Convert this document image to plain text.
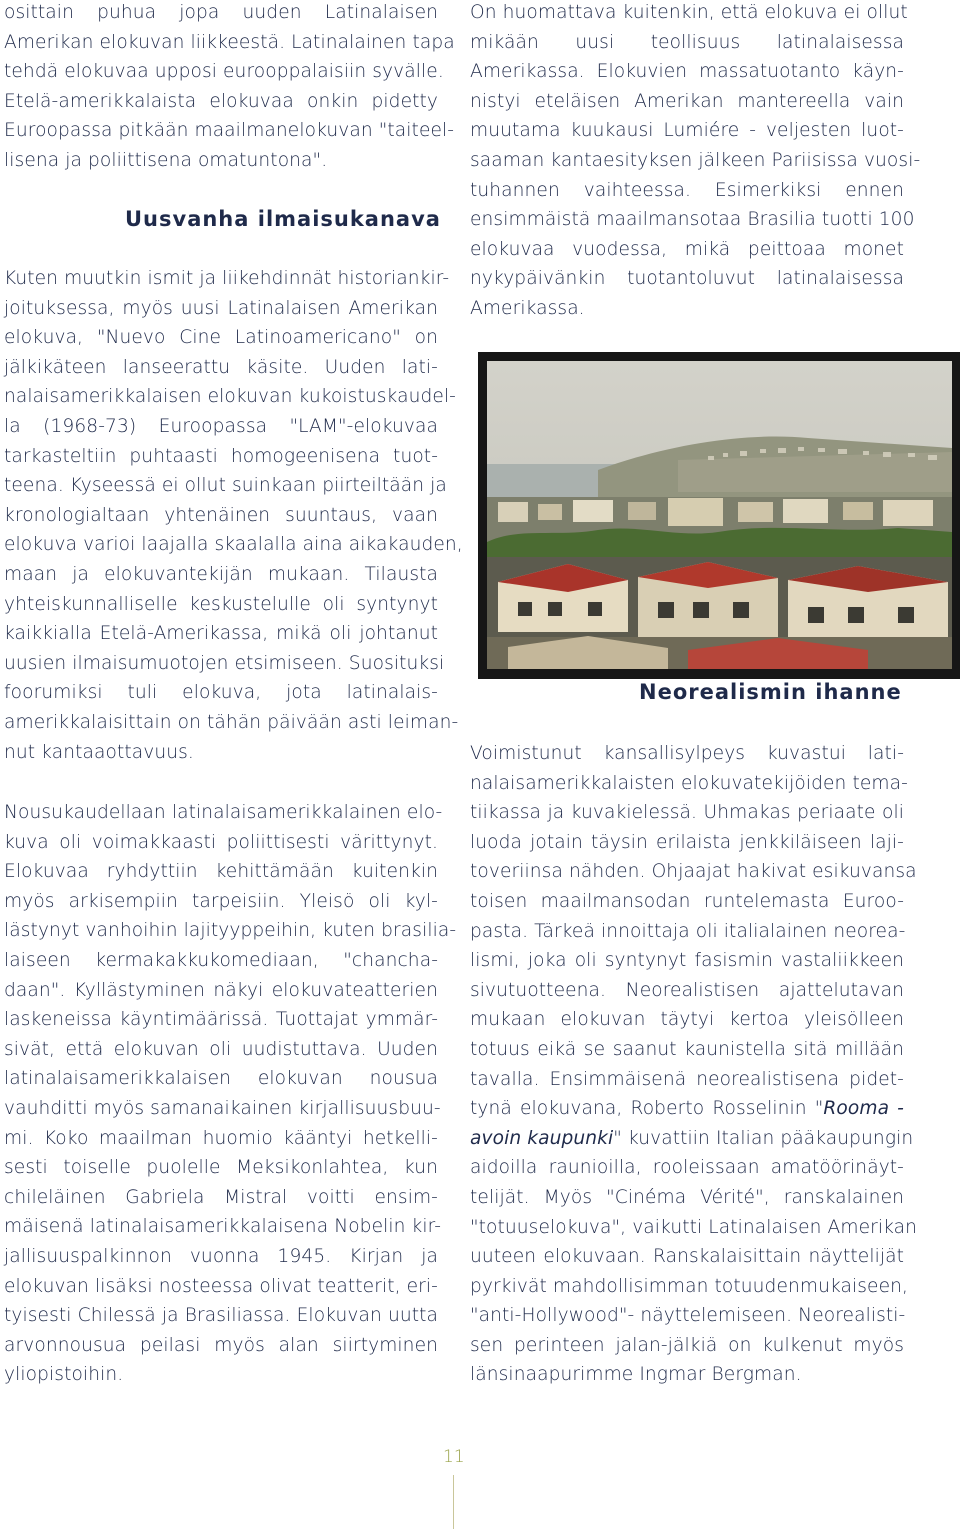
osittain puhua jopa uuden Latinalaisen
Amerikan elokuvan liikkeestä. Latinalainen tapa
tehdä elokuvaa upposi eurooppalaisiin syvälle.
Etelä-amerikkalaista elokuvaa onkin pidetty
Euroopassa pitkään maailmanelokuvan "taiteel-
lisena ja poliittisena omatuntona".

Kuten muutkin ismit ja liikehdinnät historiankir-
joituksessa, myös uusi Latinalaisen Amerikan
elokuva, "Nuevo Cine Latinoamericano" on
jälkikäteen lanseerattu käsite. Uuden lati-
nalaisamerikkalaisen elokuvan kukoistuskaudel-
la (1968-73) Euroopassa "LAM"-elokuvaa
tarkasteltiin puhtaasti homogeenisena tuot-
teena. Kyseessä ei ollut suinkaan piirteiltään ja
kronologialtaan yhtenäinen suuntaus, vaan
elokuva varioi laajalla skaalalla aina aikakauden,
maan ja elokuvantekijän mukaan. Tilausta
yhteiskunnalliselle keskustelulle oli syntynyt
kaikkialla Etelä-Amerikassa, mikä oli johtanut
uusien ilmaisumuotojen etsimiseen. Suosituksi
foorumiksi tuli elokuva, jota latinalais-
amerikkalaisittain on tähän päivään asti leiman-
nut kantaaottavuus.

Nousukaudellaan latinalaisamerikkalainen elo-
kuva oli voimakkaasti poliittisesti värittynyt.
Elokuvaa ryhdyttiin kehittämään kuitenkin
myös arkisempiin tarpeisiin. Yleisö oli kyl-
lästynyt vanhoihin lajityyppeihin, kuten brasilia-
laiseen kermakakkukomediaan, "chancha-
daan". Kyllästyminen näkyi elokuvateatterien
laskeneissa käyntimäärissä. Tuottajat ymmär-
sivät, että elokuvan oli uudistuttava. Uuden
latinalaisamerikkalaisen elokuvan nousua
vauhditti myös samanaikainen kirjallisuusbuu-
mi. Koko maailman huomio kääntyi hetkelli-
sesti toiselle puolelle Meksikonlahtea, kun
chileläinen Gabriela Mistral voitti ensim-
mäisenä latinalaisamerikkalaisena Nobelin kir-
jallisuuspalkinnon vuonna 1945. Kirjan ja
elokuvan lisäksi nosteessa olivat teatterit, eri-
tyisesti Chilessä ja Brasiliassa. Elokuvan uutta
arvonnousua peilasi myös alan siirtyminen
yliopistoihin.

Uusvanha ilmaisukanava

On huomattava kuitenkin, että elokuva ei ollut
mikään uusi teollisuus latinalaisessa
Amerikassa. Elokuvien massatuotanto käyn-
nistyi eteläisen Amerikan mantereella vain
muutama kuukausi Lumiére - veljesten luot-
saaman kantaesityksen jälkeen Pariisissa vuosi-
tuhannen vaihteessa. Esimerkiksi ennen
ensimmäistä maailmansotaa Brasilia tuotti 100
elokuvaa vuodessa, mikä peittoaa monet
nykypäivänkin tuotantoluvut latinalaisessa
Amerikassa.

Voimistunut kansallisylpeys kuvastui lati-
nalaisamerikkalaisten elokuvatekijöiden tema-
tiikassa ja kuvakielessä. Uhmakas periaate oli
luoda jotain täysin erilaista jenkkiläiseen laji-
toveriinsa nähden. Ohjaajat hakivat esikuvansa
toisen maailmansodan runtelemasta Euroo-
pasta. Tärkeä innoittaja oli italialainen neorea-
lismi, joka oli syntynyt fasismin vastaliikkeen
sivutuotteena. Neorealistisen ajattelutavan
mukaan elokuvan täytyi kertoa yleisölleen
totuus eikä se saanut kaunistella sitä millään
tavalla. Ensimmäisenä neorealistisena pidet-
tynä elokuvana, Roberto Rosselinin "Rooma -
avoin kaupunki" kuvattiin Italian pääkaupungin
aidoilla raunioilla, rooleissaan amatöörinäyt-
telijät. Myös "Cinéma Vérité", ranskalainen
"totuuselokuva", vaikutti Latinalaisen Amerikan
uuteen elokuvaan. Ranskalaisittain näyttelijät
pyrkivät mahdollisimman totuudenmukaiseen,
"anti-Hollywood"- näyttelemiseen. Neorealisti-
sen perinteen jalan-jälkiä on kulkenut myös
länsinaapurimme Ingmar Bergman.

Neorealismin ihanne
11
